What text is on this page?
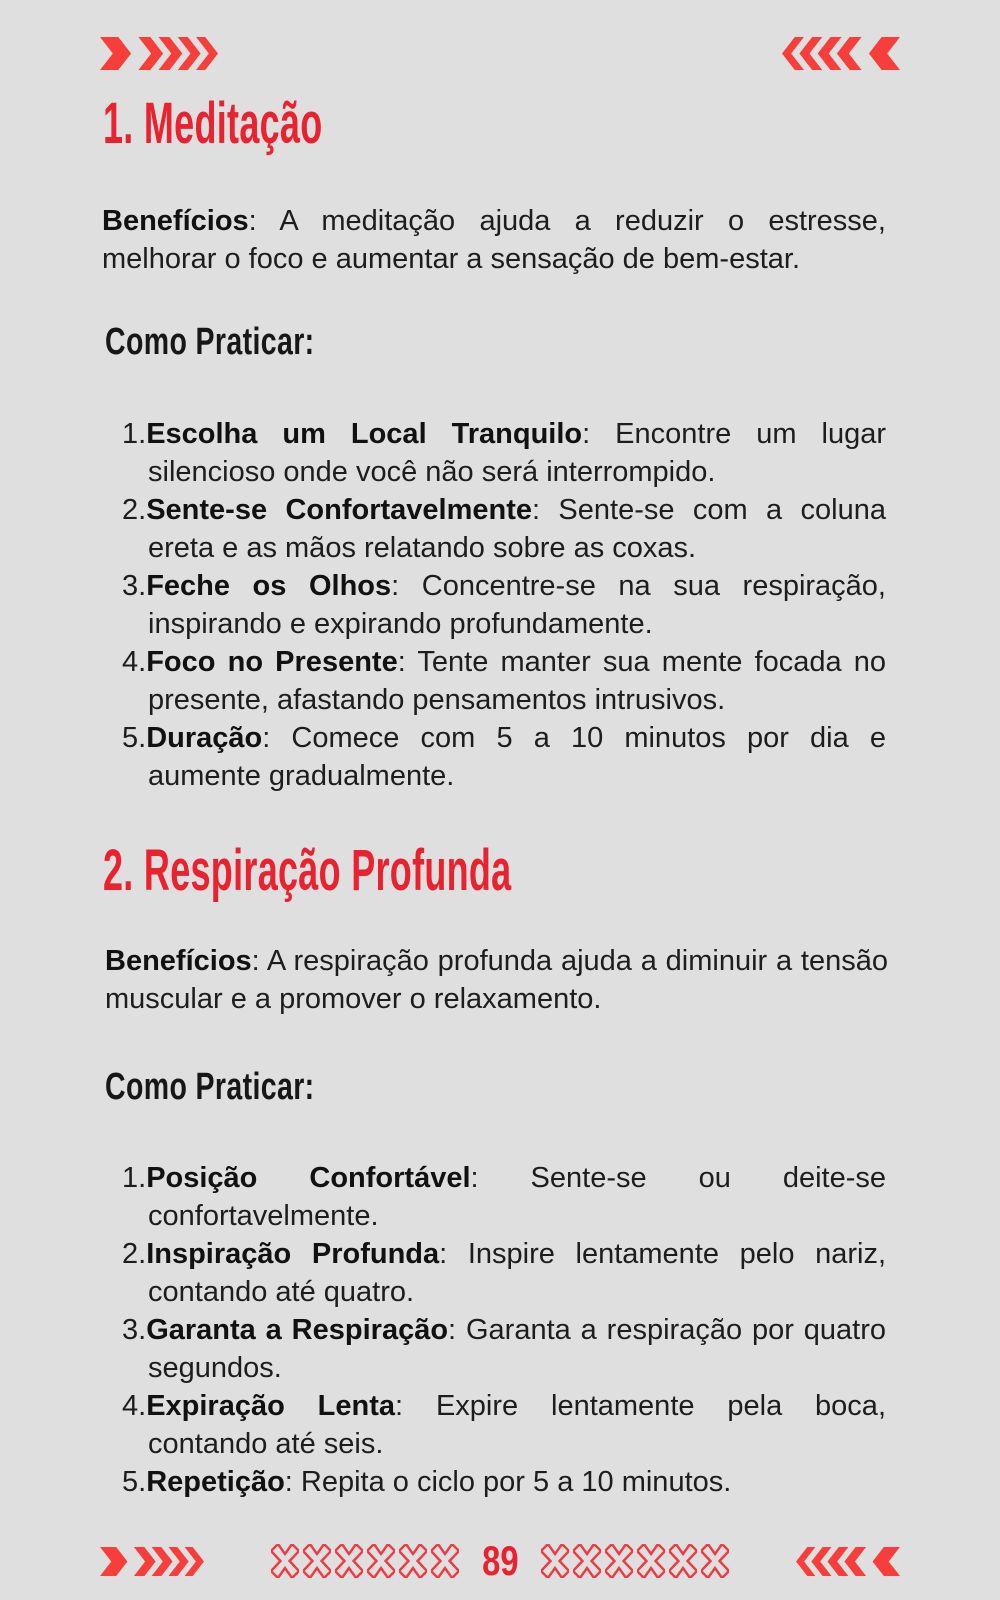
1. Meditação

Benefícios: A meditação ajuda a reduzir o estresse, melhorar o foco e aumentar a sensação de bem-estar.

Como Praticar:
1.Escolha um Local Tranquilo: Encontre um lugar silencioso onde você não será interrompido.
2.Sente-se Confortavelmente: Sente-se com a coluna ereta e as mãos relatando sobre as coxas.
3.Feche os Olhos: Concentre-se na sua respiração, inspirando e expirando profundamente.
4.Foco no Presente: Tente manter sua mente focada no presente, afastando pensamentos intrusivos.
5.Duração: Comece com 5 a 10 minutos por dia e aumente gradualmente.
2. Respiração Profunda

Benefícios: A respiração profunda ajuda a diminuir a tensão muscular e a promover o relaxamento.

Como Praticar:
1.Posição Confortável: Sente-se ou deite-se confortavelmente.
2.Inspiração Profunda: Inspire lentamente pelo nariz, contando até quatro.
3.Garanta a Respiração: Garanta a respiração por quatro segundos.
4.Expiração Lenta: Expire lentamente pela boca, contando até seis.
5.Repetição: Repita o ciclo por 5 a 10 minutos.

89
